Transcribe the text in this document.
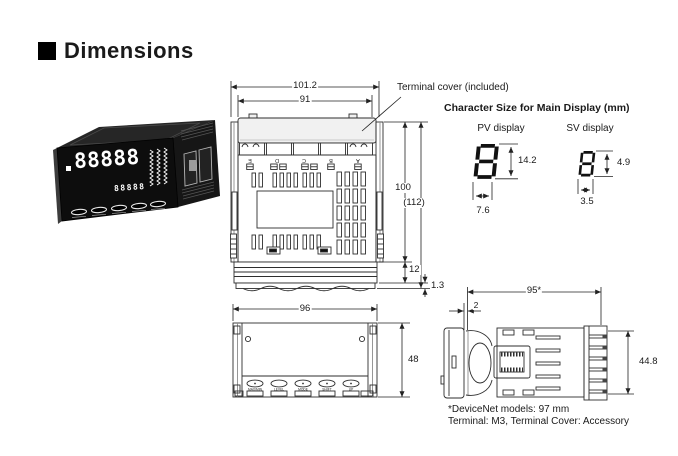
Dimensions
88888
88888
101.2
91
100
(112)
12
1.3
Terminal cover (included)
E	D	C	B	A
Character Size for Main Display (mm)
PV display	SV display
14.2
7.6
4.9
3.5
96
48
MAX/MIN	LEVEL	MODE	SHIFT	UP
95*
2
44.8
*DeviceNet models: 97 mm
Terminal: M3, Terminal Cover: Accessory
